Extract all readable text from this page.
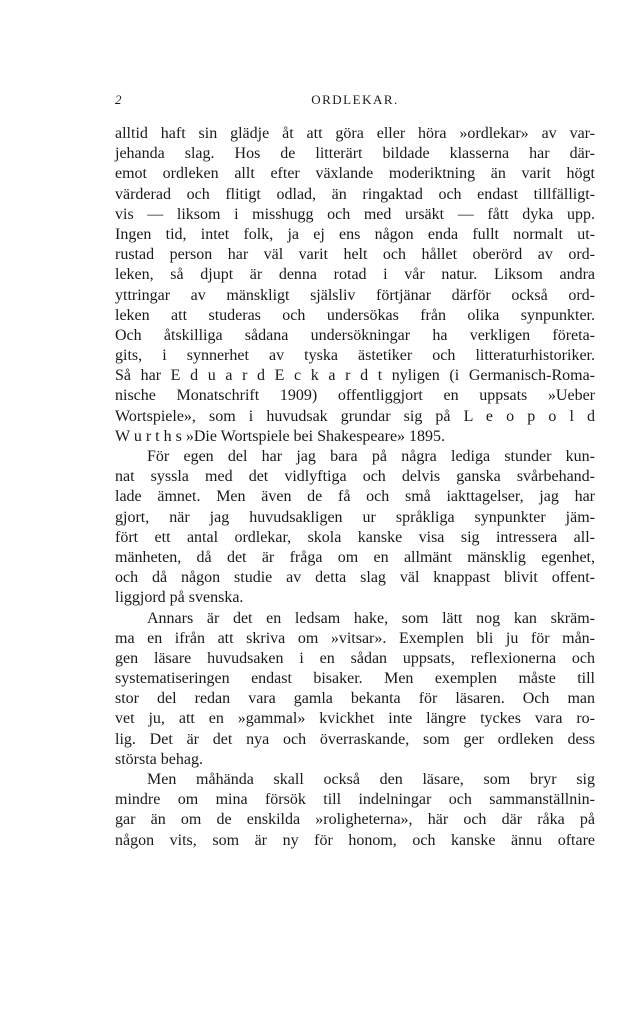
2	ORDLEKAR.
alltid haft sin glädje åt att göra eller höra »ordlekar» av var-
jehanda slag. Hos de litterärt bildade klasserna har där-
emot ordleken allt efter växlande moderiktning än varit högt
värderad och flitigt odlad, än ringaktad och endast tillfälligt-
vis — liksom i misshugg och med ursäkt — fått dyka upp.
Ingen tid, intet folk, ja ej ens någon enda fullt normalt ut-
rustad person har väl varit helt och hållet oberörd av ord-
leken, så djupt är denna rotad i vår natur. Liksom andra
yttringar av mänskligt själsliv förtjänar därför också ord-
leken att studeras och undersökas från olika synpunkter.
Och åtskilliga sådana undersökningar ha verkligen företa-
gits, i synnerhet av tyska ästetiker och litteraturhistoriker.
Så har E d u a r d E c k a r d t nyligen (i Germanisch-Roma-
nische Monatschrift 1909) offentliggjort en uppsats »Ueber
Wortspiele», som i huvudsak grundar sig på L e o p o l d
W u r t h s »Die Wortspiele bei Shakespeare» 1895.
För egen del har jag bara på några lediga stunder kun-
nat syssla med det vidlyftiga och delvis ganska svårbehand-
lade ämnet. Men även de få och små iakttagelser, jag har
gjort, när jag huvudsakligen ur språkliga synpunkter jäm-
fört ett antal ordlekar, skola kanske visa sig intressera all-
mänheten, då det är fråga om en allmänt mänsklig egenhet,
och då någon studie av detta slag väl knappast blivit offent-
liggjord på svenska.
Annars är det en ledsam hake, som lätt nog kan skräm-
ma en ifrån att skriva om »vitsar». Exemplen bli ju för mån-
gen läsare huvudsaken i en sådan uppsats, reflexionerna och
systematiseringen endast bisaker. Men exemplen måste till
stor del redan vara gamla bekanta för läsaren. Och man
vet ju, att en »gammal» kvickhet inte längre tyckes vara ro-
lig. Det är det nya och överraskande, som ger ordleken dess
största behag.
Men måhända skall också den läsare, som bryr sig
mindre om mina försök till indelningar och sammanställnin-
gar än om de enskilda »roligheterna», här och där råka på
någon vits, som är ny för honom, och kanske ännu oftare
